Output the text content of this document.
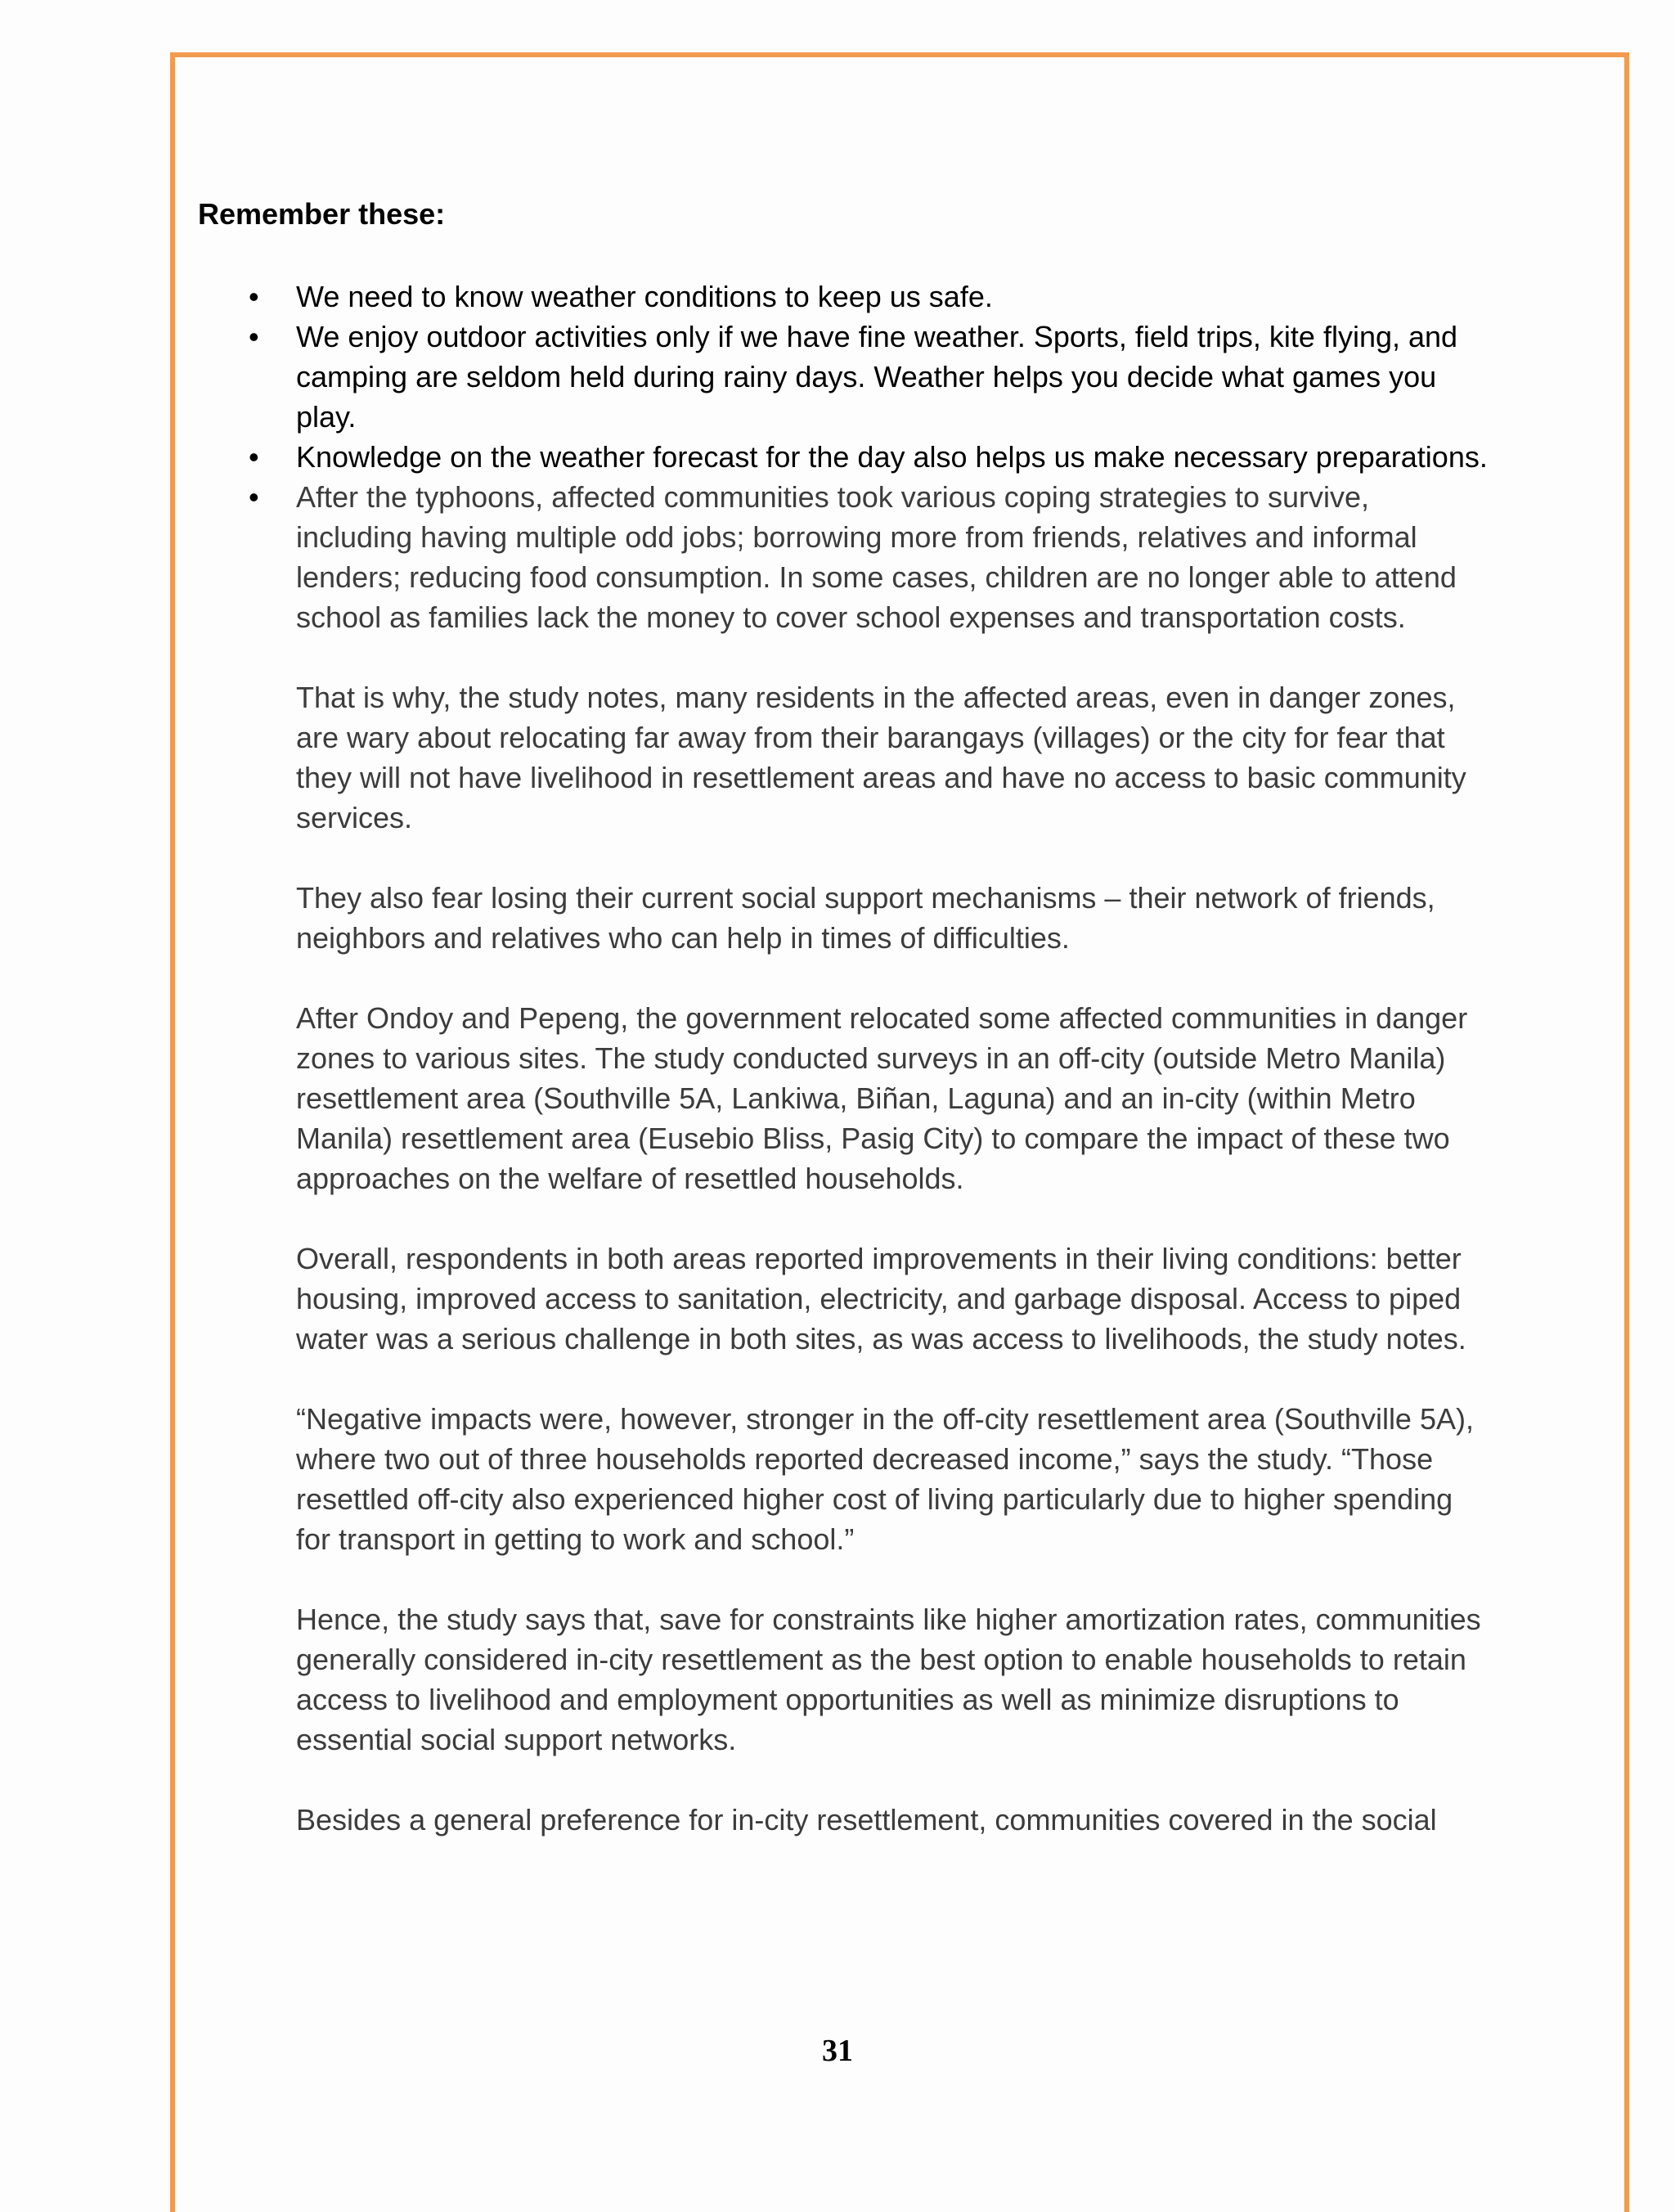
Remember these:
• We need to know weather conditions to keep us safe.
• We enjoy outdoor activities only if we have fine weather. Sports, field trips, kite flying, and camping are seldom held during rainy days. Weather helps you decide what games you play.
• Knowledge on the weather forecast for the day also helps us make necessary preparations.
• After the typhoons, affected communities took various coping strategies to survive, including having multiple odd jobs; borrowing more from friends, relatives and informal lenders; reducing food consumption. In some cases, children are no longer able to attend school as families lack the money to cover school expenses and transportation costs.

That is why, the study notes, many residents in the affected areas, even in danger zones, are wary about relocating far away from their barangays (villages) or the city for fear that they will not have livelihood in resettlement areas and have no access to basic community services.

They also fear losing their current social support mechanisms – their network of friends, neighbors and relatives who can help in times of difficulties.

After Ondoy and Pepeng, the government relocated some affected communities in danger zones to various sites. The study conducted surveys in an off-city (outside Metro Manila) resettlement area (Southville 5A, Lankiwa, Biñan, Laguna) and an in-city (within Metro Manila) resettlement area (Eusebio Bliss, Pasig City) to compare the impact of these two approaches on the welfare of resettled households.

Overall, respondents in both areas reported improvements in their living conditions: better housing, improved access to sanitation, electricity, and garbage disposal. Access to piped water was a serious challenge in both sites, as was access to livelihoods, the study notes.

“Negative impacts were, however, stronger in the off-city resettlement area (Southville 5A), where two out of three households reported decreased income,” says the study. “Those resettled off-city also experienced higher cost of living particularly due to higher spending for transport in getting to work and school.”

Hence, the study says that, save for constraints like higher amortization rates, communities generally considered in-city resettlement as the best option to enable households to retain access to livelihood and employment opportunities as well as minimize disruptions to essential social support networks.

Besides a general preference for in-city resettlement, communities covered in the social

31
